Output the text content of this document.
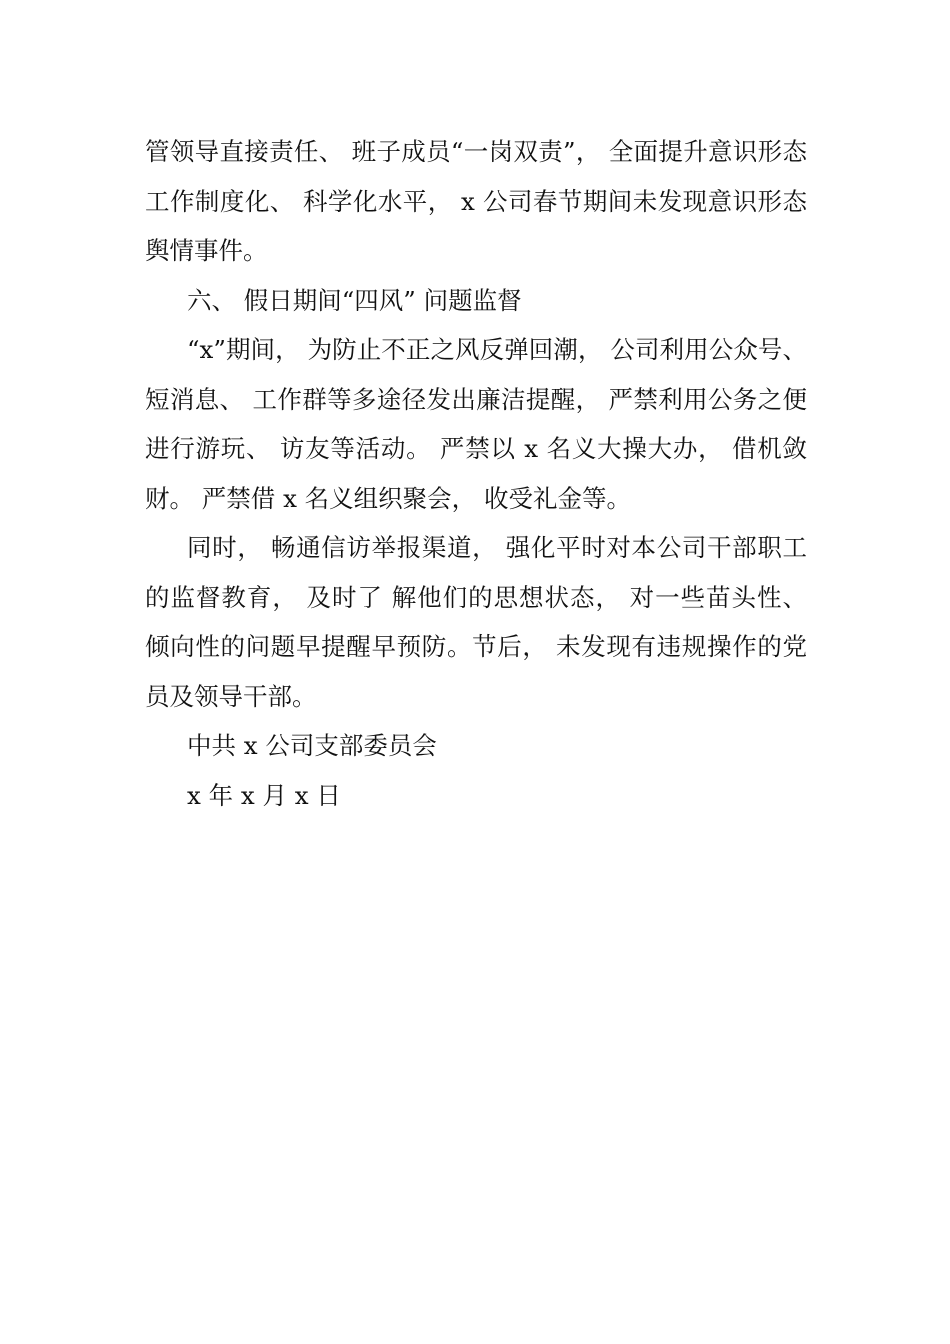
管领导直接责任、 班子成员“一岗双责”， 全面提升意识形态工作制度化、 科学化水平， x 公司春节期间未发现意识形态舆情事件。

六、 假日期间“四风” 问题监督

“x”期间， 为防止不正之风反弹回潮， 公司利用公众号、 短消息、 工作群等多途径发出廉洁提醒， 严禁利用公务之便进行游玩、 访友等活动。 严禁以 x 名义大操大办， 借机敛财。 严禁借 x 名义组织聚会， 收受礼金等。

同时， 畅通信访举报渠道， 强化平时对本公司干部职工的监督教育， 及时了 解他们的思想状态， 对一些苗头性、 倾向性的问题早提醒早预防。节后， 未发现有违规操作的党员及领导干部。

中共 x 公司支部委员会

x 年 x 月 x 日
